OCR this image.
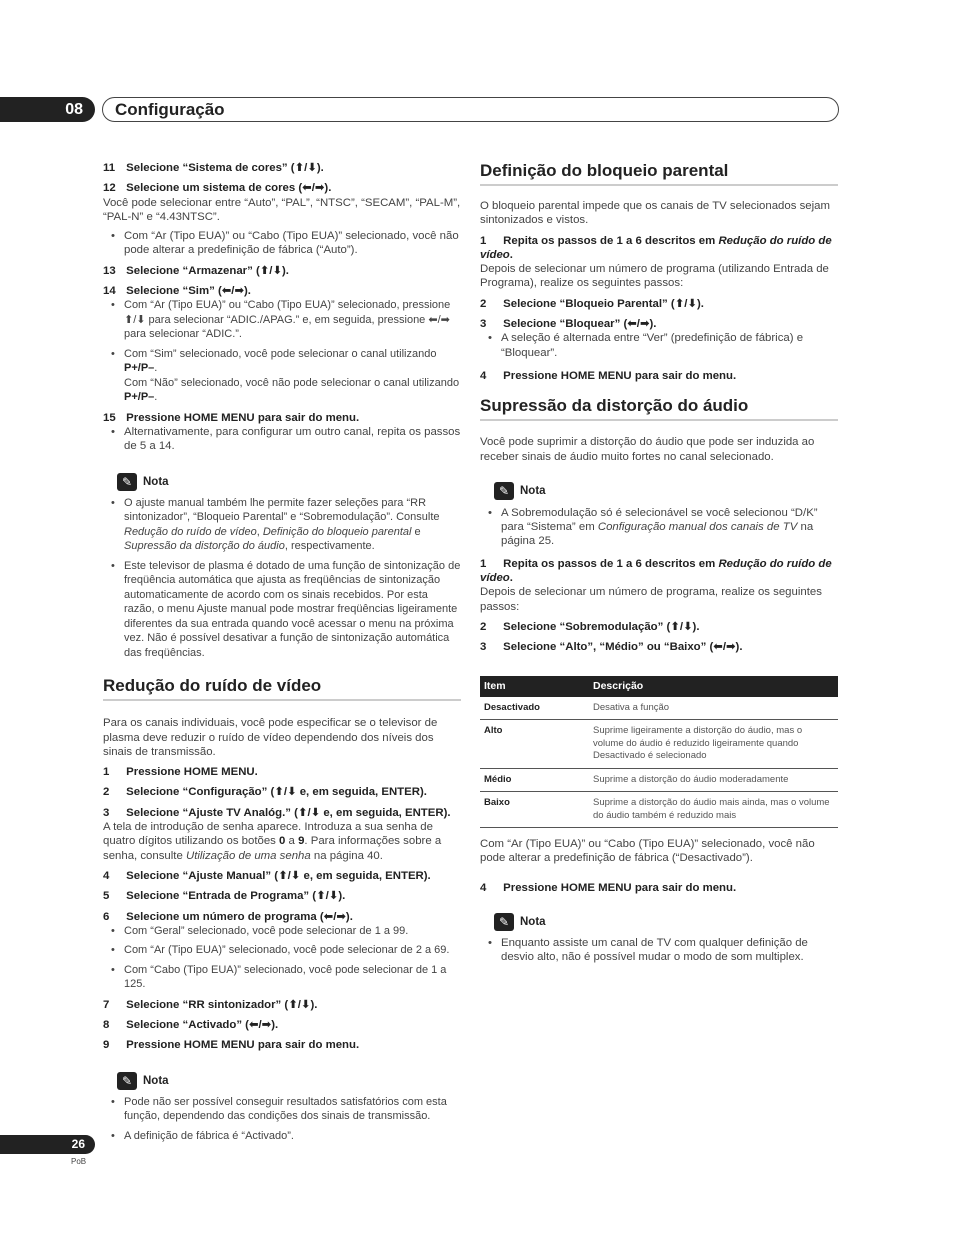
08	Configuração
11 Selecione “Sistema de cores” (⬆/⬇).
12 Selecione um sistema de cores (⬅/➡).
Você pode selecionar entre “Auto”, “PAL”, “NTSC”, “SECAM”, “PAL-M”, “PAL-N” e “4.43NTSC”.
• Com “Ar (Tipo EUA)” ou “Cabo (Tipo EUA)” selecionado, você não pode alterar a predefinição de fábrica (“Auto”).
13 Selecione “Armazenar” (⬆/⬇).
14 Selecione “Sim” (⬅/➡).
• Com “Ar (Tipo EUA)” ou “Cabo (Tipo EUA)” selecionado, pressione ⬆/⬇ para selecionar “ADIC./APAG.” e, em seguida, pressione ⬅/➡ para selecionar “ADIC.”.
• Com “Sim” selecionado, você pode selecionar o canal utilizando P+/P–.
Com “Não” selecionado, você não pode selecionar o canal utilizando P+/P–.
15 Pressione HOME MENU para sair do menu.
• Alternativamente, para configurar um outro canal, repita os passos de 5 a 14.
✎ Nota
• O ajuste manual também lhe permite fazer seleções para “RR sintonizador”, “Bloqueio Parental” e “Sobremodulação”. Consulte Redução do ruído de vídeo, Definição do bloqueio parental e Supressão da distorção do áudio, respectivamente.
• Este televisor de plasma é dotado de uma função de sintonização de freqüência automática que ajusta as freqüências de sintonização automaticamente de acordo com os sinais recebidos. Por esta razão, o menu Ajuste manual pode mostrar freqüências ligeiramente diferentes da sua entrada quando você acessar o menu na próxima vez. Não é possível desativar a função de sintonização automática das freqüências.
Redução do ruído de vídeo
Para os canais individuais, você pode especificar se o televisor de plasma deve reduzir o ruído de vídeo dependendo dos níveis dos sinais de transmissão.
1 Pressione HOME MENU.
2 Selecione “Configuração” (⬆/⬇ e, em seguida, ENTER).
3 Selecione “Ajuste TV Analóg.” (⬆/⬇ e, em seguida, ENTER).
A tela de introdução de senha aparece. Introduza a sua senha de quatro dígitos utilizando os botões 0 a 9. Para informações sobre a senha, consulte Utilização de uma senha na página 40.
4 Selecione “Ajuste Manual” (⬆/⬇ e, em seguida, ENTER).
5 Selecione “Entrada de Programa” (⬆/⬇).
6 Selecione um número de programa (⬅/➡).
• Com “Geral” selecionado, você pode selecionar de 1 a 99.
• Com “Ar (Tipo EUA)” selecionado, você pode selecionar de 2 a 69.
• Com “Cabo (Tipo EUA)” selecionado, você pode selecionar de 1 a 125.
7 Selecione “RR sintonizador” (⬆/⬇).
8 Selecione “Activado” (⬅/➡).
9 Pressione HOME MENU para sair do menu.
✎ Nota
• Pode não ser possível conseguir resultados satisfatórios com esta função, dependendo das condições dos sinais de transmissão.
• A definição de fábrica é “Activado”.
Definição do bloqueio parental
O bloqueio parental impede que os canais de TV selecionados sejam sintonizados e vistos.
1 Repita os passos de 1 a 6 descritos em Redução do ruído de vídeo.
Depois de selecionar um número de programa (utilizando Entrada de Programa), realize os seguintes passos:
2 Selecione “Bloqueio Parental” (⬆/⬇).
3 Selecione “Bloquear” (⬅/➡).
• A seleção é alternada entre “Ver” (predefinição de fábrica) e “Bloquear”.
4 Pressione HOME MENU para sair do menu.
Supressão da distorção do áudio
Você pode suprimir a distorção do áudio que pode ser induzida ao receber sinais de áudio muito fortes no canal selecionado.
✎ Nota
• A Sobremodulação só é selecionável se você selecionou “D/K” para “Sistema” em Configuração manual dos canais de TV na página 25.
1 Repita os passos de 1 a 6 descritos em Redução do ruído de vídeo.
Depois de selecionar um número de programa, realize os seguintes passos:
2 Selecione “Sobremodulação” (⬆/⬇).
3 Selecione “Alto”, “Médio” ou “Baixo” (⬅/➡).
Item	Descrição
Desactivado	Desativa a função
Alto	Suprime ligeiramente a distorção do áudio, mas o volume do áudio é reduzido ligeiramente quando Desactivado é selecionado
Médio	Suprime a distorção do áudio moderadamente
Baixo	Suprime a distorção do áudio mais ainda, mas o volume do áudio também é reduzido mais
Com “Ar (Tipo EUA)” ou “Cabo (Tipo EUA)” selecionado, você não pode alterar a predefinição de fábrica (“Desactivado”).
4 Pressione HOME MENU para sair do menu.
✎ Nota
• Enquanto assiste um canal de TV com qualquer definição de desvio alto, não é possível mudar o modo de som multiplex.
26
PoB
